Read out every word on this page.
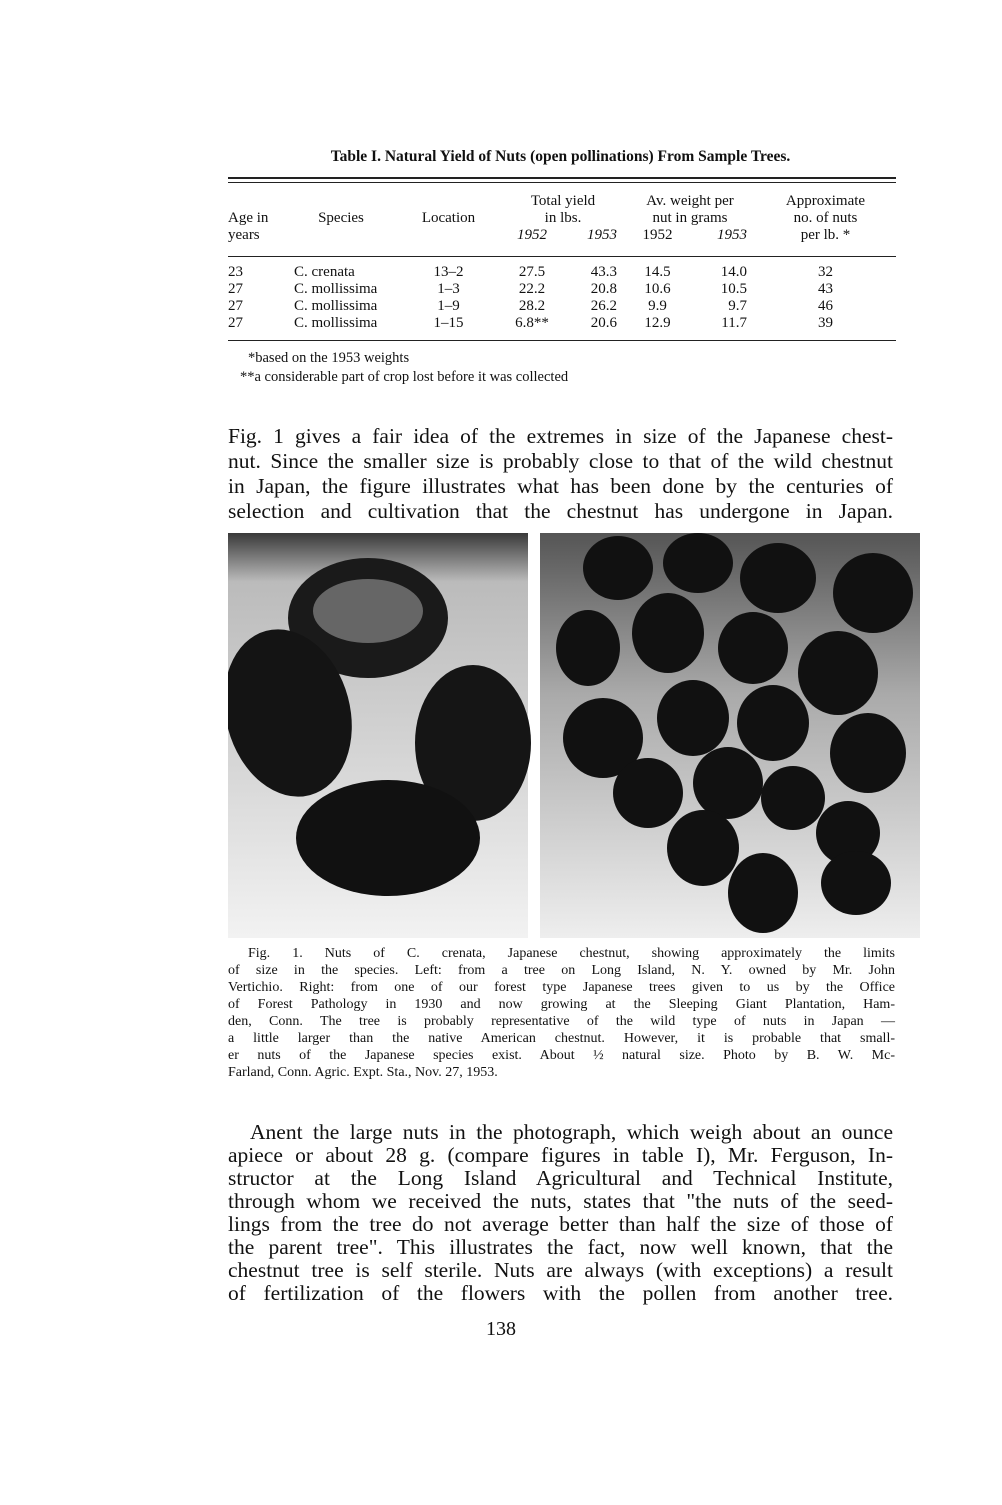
Table I. Natural Yield of Nuts (open pollinations) From Sample Trees.
			Total yield		Av. weight per		Approximate
Age in	Species	Location	in lbs.		nut in grams		no. of nuts
years			1952	1953	1952	1953	per lb. *

23	C. crenata	13–2	27.5	43.3	14.5	14.0	32
27	C. mollissima	1–3	22.2	20.8	10.6	10.5	43
27	C. mollissima	1–9	28.2	26.2	9.9	9.7	46
27	C. mollissima	1–15	6.8**	20.6	12.9	11.7	39
*based on the 1953 weights
**a considerable part of crop lost before it was collected
Fig. 1 gives a fair idea of the extremes in size of the Japanese chest-
nut. Since the smaller size is probably close to that of the wild chestnut
in Japan, the figure illustrates what has been done by the centuries of
selection and cultivation that the chestnut has undergone in Japan.
Fig. 1. Nuts of C. crenata, Japanese chestnut, showing approximately the limits
of size in the species. Left: from a tree on Long Island, N. Y. owned by Mr. John
Vertichio. Right: from one of our forest type Japanese trees given to us by the Office
of Forest Pathology in 1930 and now growing at the Sleeping Giant Plantation, Ham-
den, Conn. The tree is probably representative of the wild type of nuts in Japan —
a little larger than the native American chestnut. However, it is probable that small-
er nuts of the Japanese species exist. About ½ natural size. Photo by B. W. Mc-
Farland, Conn. Agric. Expt. Sta., Nov. 27, 1953.
Anent the large nuts in the photograph, which weigh about an ounce
apiece or about 28 g. (compare figures in table I), Mr. Ferguson, In-
structor at the Long Island Agricultural and Technical Institute,
through whom we received the nuts, states that "the nuts of the seed-
lings from the tree do not average better than half the size of those of
the parent tree". This illustrates the fact, now well known, that the
chestnut tree is self sterile. Nuts are always (with exceptions) a result
of fertilization of the flowers with the pollen from another tree.
138
